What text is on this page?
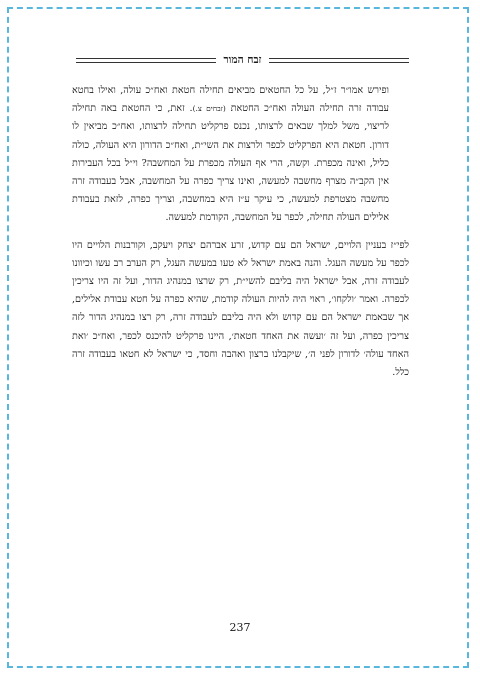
זבח המור

ופירש אמו״ר ז״ל, על כל החטאים מביאים תחילה חטאת ואח״כ עולה, ואילו בחטא עבודה זרה תחילה העולה ואח״כ החטאת (זבחים צ.). זאת, כי החטאת באה תחילה לריצוי, משל למלך שבאים לרצותו, נכנס פרקליט תחילה לרצותו, ואח״כ מביאין לו דורון. חטאת היא הפרקליט לכפר ולרצות את השי״ת, ואח״כ הדורון היא העולה, כולה כליל, ואינה מכפרת. וקשה, הרי אף העולה מכפרת על המחשבה? וי״ל בכל העבירות אין הקב״ה מצרף מחשבה למעשה, ואינו צריך כפרה על המחשבה, אבל בעבודה זרה מחשבה מצטרפת למעשה, כי עיקר ע״ז היא במחשבה, וצריך כפרה, לזאת בעבודת אלילים העולה תחילה, לכפר על המחשבה, הקודמת למעשה.

לפי״ז בעניין הלויים, ישראל הם עם קדוש, זרע אברהם יצחק ויעקב, וקורבנות הלויים היו לכפר על מעשה העגל. והנה באמת ישראל לא טעו במעשה העגל, רק הערב רב עשו וכיוונו לעבודה זרה, אבל ישראל היה בליבם להשי״ת, רק שרצו במנהיג הדור, ועל זה היו צריכין לכפרה. ואמר ׳ולקחו׳, ראוי היה להיות העולה קודמת, שהיא כפרה על חטא עבודת אלילים, אך שבאמת ישראל הם עם קדוש ולא היה בליבם לעבודה זרה, רק רצו במנהיג הדור לזה צריכין כפרה, ועל זה ׳ועשה את האחד חטאת׳, היינו פרקליט להיכנס לכפר, ואח״כ ׳ואת האחד עולה׳ לדורון לפני ה׳, שיקבלנו ברצון ואהבה וחסד, כי ישראל לא חטאו בעבודה זרה כלל.

237
